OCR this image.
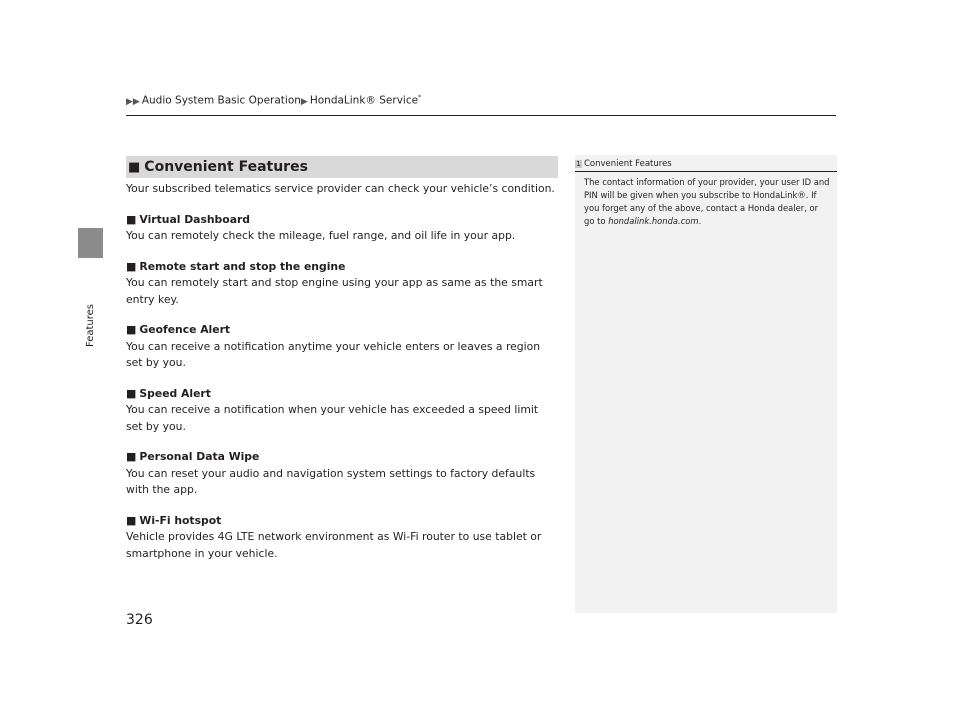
▶▶ Audio System Basic Operation▶ HondaLink® Service*
Features
■ Convenient Features

Your subscribed telematics service provider can check your vehicle’s condition.

■ Virtual Dashboard

You can remotely check the mileage, fuel range, and oil life in your app.

■ Remote start and stop the engine

You can remotely start and stop engine using your app as same as the smart entry key.

■ Geofence Alert

You can receive a notification anytime your vehicle enters or leaves a region set by you.

■ Speed Alert

You can receive a notification when your vehicle has exceeded a speed limit set by you.

■ Personal Data Wipe

You can reset your audio and navigation system settings to factory defaults with the app.

■ Wi-Fi hotspot

Vehicle provides 4G LTE network environment as Wi-Fi router to use tablet or smartphone in your vehicle.

1 Convenient Features
The contact information of your provider, your user ID and PIN will be given when you subscribe to HondaLink®. If you forget any of the above, contact a Honda dealer, or go to hondalink.honda.com.
326
